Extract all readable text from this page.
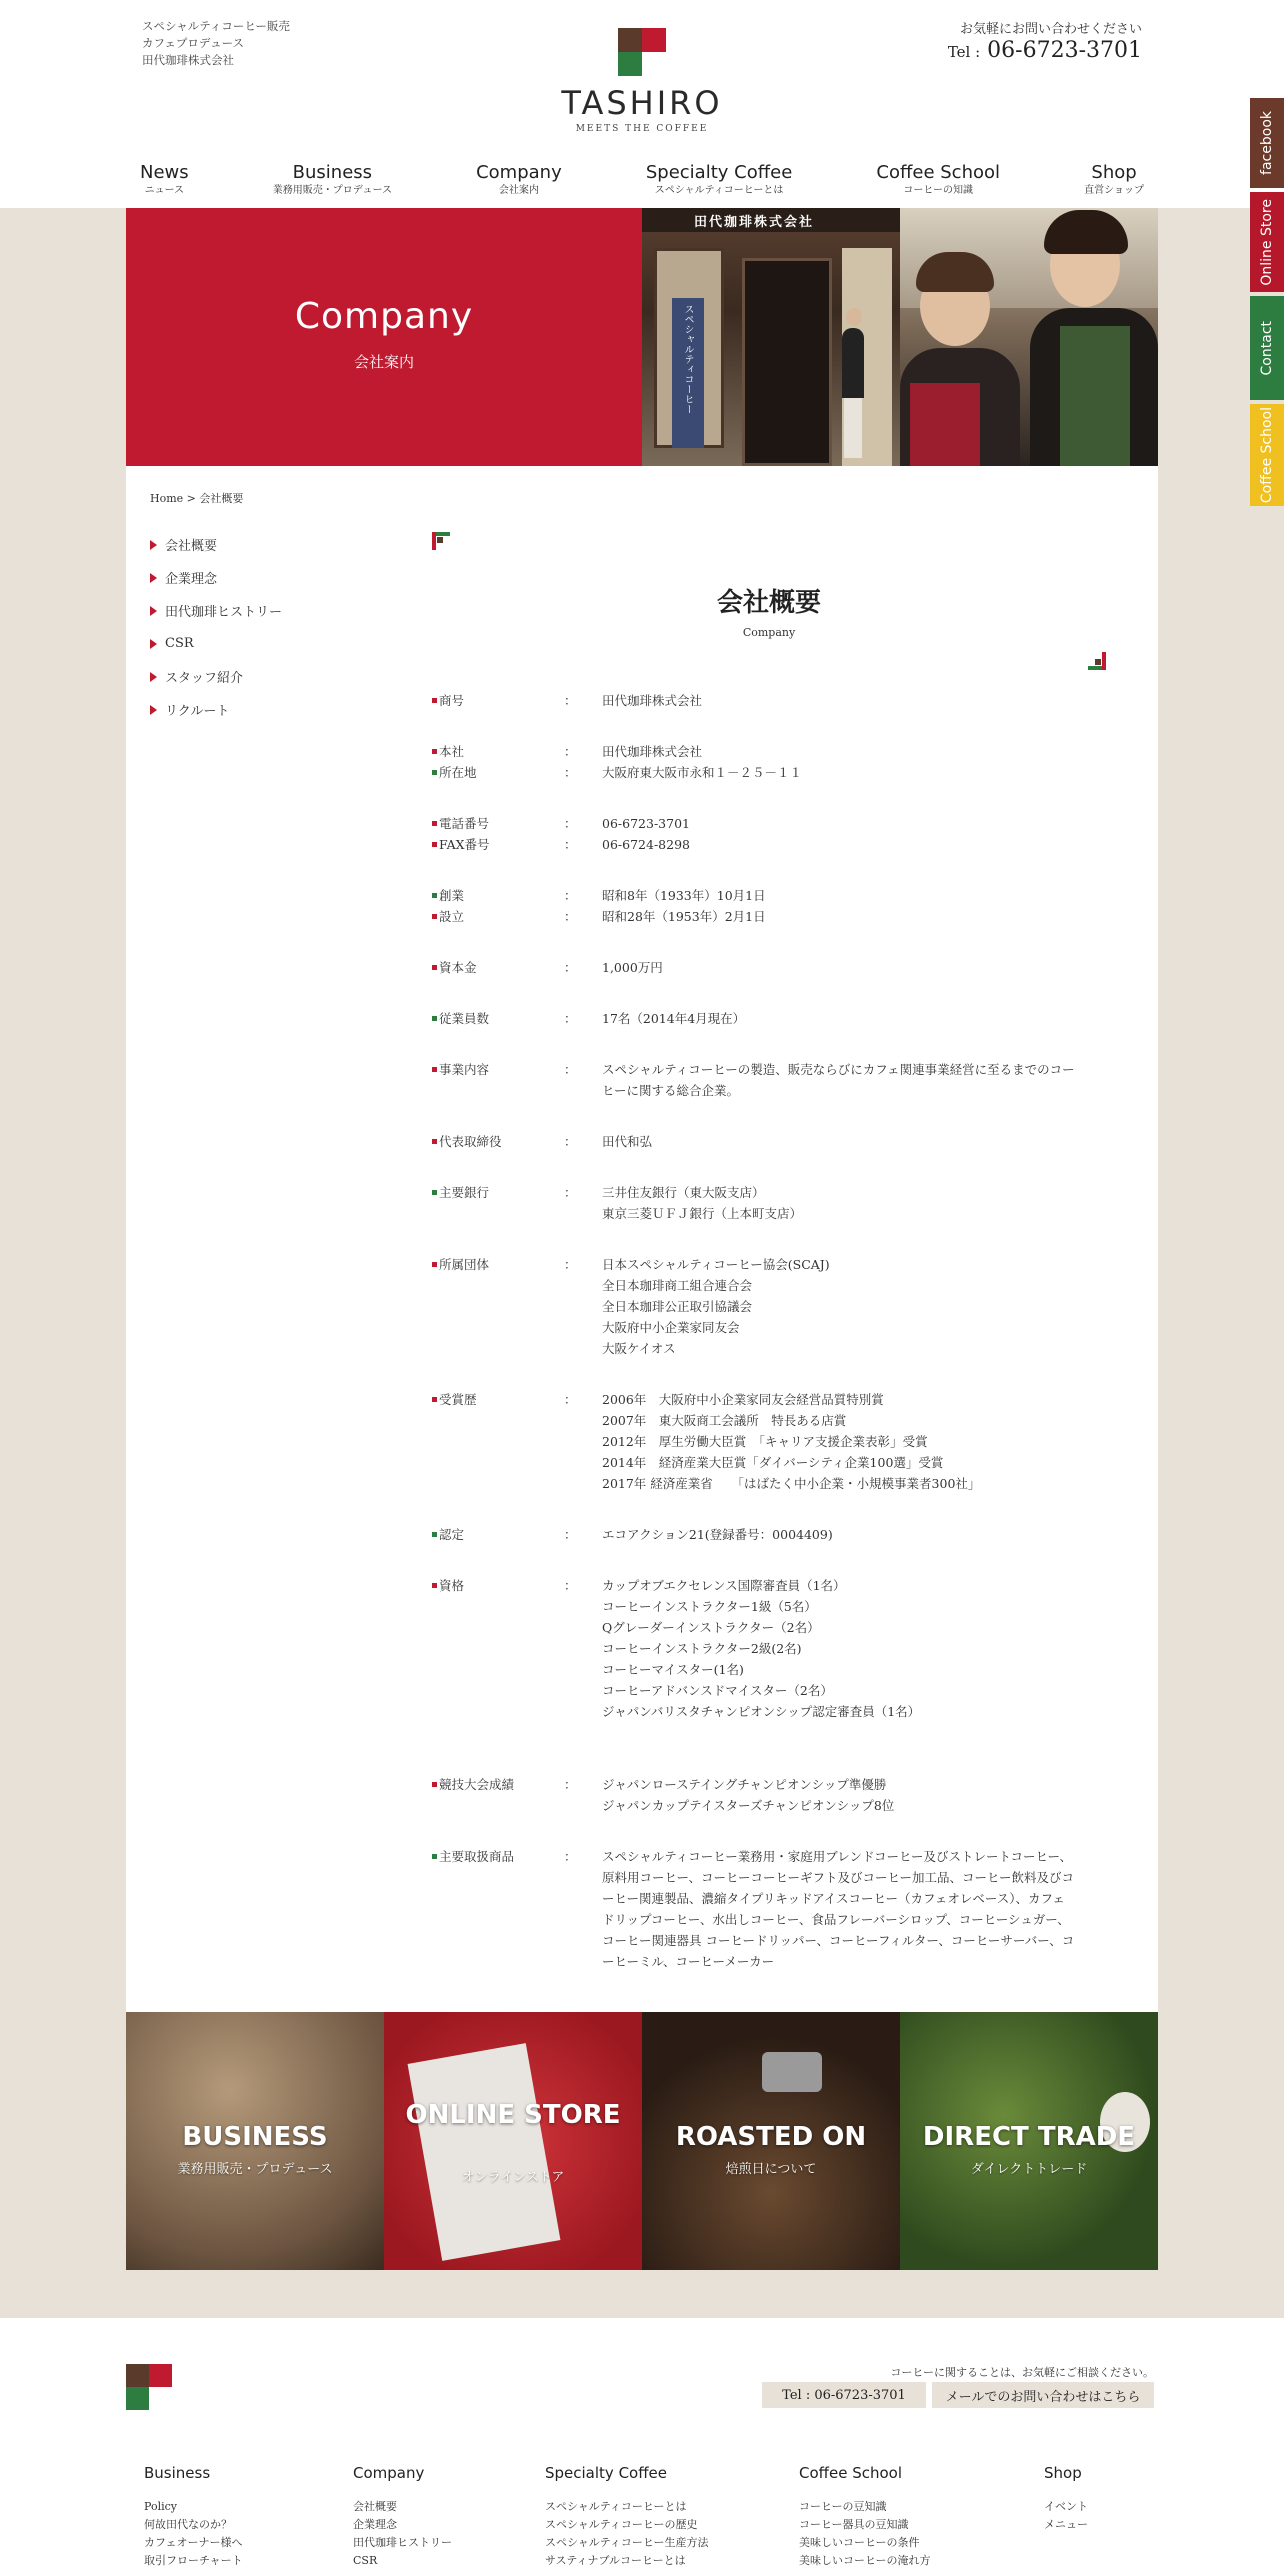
スペシャルティコーヒー販売
カフェプロデュース
田代珈琲株式会社
TASHIRO
MEETS THE COFFEE
お気軽にお問い合わせください
Tel : 06-6723-3701
News
ニュース
Business
業務用販売・プロデュース
Company
会社案内
Specialty Coffee
スペシャルティコーヒーとは
Coffee School
コーヒーの知識
Shop
直営ショップ
facebook
Online Store
Contact
Coffee School
Company
会社案内
田代珈琲株式会社
スペシャルティコーヒー
Home > 会社概要
会社概要
企業理念
田代珈琲ヒストリー
CSR
スタッフ紹介
リクルート
会社概要
Company
商号	：	田代珈琲株式会社
本社	：	田代珈琲株式会社
所在地	：	大阪府東大阪市永和１－２５－１１
電話番号	：	06-6723-3701
FAX番号	：	06-6724-8298
創業	：	昭和8年（1933年）10月1日
設立	：	昭和28年（1953年）2月1日
資本金	：	1,000万円
従業員数	：	17名（2014年4月現在）
事業内容	：	スペシャルティコーヒーの製造、販売ならびにカフェ関連事業経営に至るまでのコー
ヒーに関する総合企業。
代表取締役	：	田代和弘
主要銀行	：	三井住友銀行（東大阪支店）
東京三菱ＵＦＪ銀行（上本町支店）
所属団体	：	日本スペシャルティコーヒー協会(SCAJ)
全日本珈琲商工組合連合会
全日本珈琲公正取引協議会
大阪府中小企業家同友会
大阪ケイオス
受賞歴	：	2006年　大阪府中小企業家同友会経営品質特別賞
2007年　東大阪商工会議所　特長ある店賞
2012年　厚生労働大臣賞　「キャリア支援企業表彰」受賞
2014年　経済産業大臣賞「ダイバーシティ企業100選」受賞
2017年 経済産業省　　「はばたく中小企業・小規模事業者300社」
認定	：	エコアクション21(登録番号：0004409)
資格	：	カップオブエクセレンス国際審査員（1名）
コーヒーインストラクター1級（5名）
Qグレーダーインストラクター（2名）
コーヒーインストラクター2級(2名)
コーヒーマイスター(1名)
コーヒーアドバンスドマイスター（2名）
ジャパンバリスタチャンピオンシップ認定審査員（1名）
競技大会成績	：	ジャパンローステイングチャンピオンシップ準優勝
ジャパンカップテイスターズチャンピオンシップ8位
主要取扱商品	：	スペシャルティコーヒー業務用・家庭用ブレンドコーヒー及びストレートコーヒー、
原料用コーヒー、コーヒーコーヒーギフト及びコーヒー加工品、コーヒー飲料及びコ
ーヒー関連製品、濃縮タイプリキッドアイスコーヒー（カフェオレベース）、カフェ
ドリップコーヒー、水出しコーヒー、食品フレーバーシロップ、コーヒーシュガー、
コーヒー関連器具 コーヒードリッパー、コーヒーフィルター、コーヒーサーバー、コ
ーヒーミル、コーヒーメーカー
BUSINESS
業務用販売・プロデュース
ONLINE STORE
オンラインストア
ROASTED ON
焙煎日について
DIRECT TRADE
ダイレクトトレード
コーヒーに関することは、お気軽にご相談ください。
Tel : 06-6723-3701	メールでのお問い合わせはこちら
Business
Policy
何故田代なのか？
カフェオーナー様へ
取引フローチャート
Company
会社概要
企業理念
田代珈琲ヒストリー
CSR
Specialty Coffee
スペシャルティコーヒーとは
スペシャルティコーヒーの歴史
スペシャルティコーヒー生産方法
サスティナブルコーヒーとは
Coffee School
コーヒーの豆知識
コーヒー器具の豆知識
美味しいコーヒーの条件
美味しいコーヒーの淹れ方
Shop
イベント
メニュー
